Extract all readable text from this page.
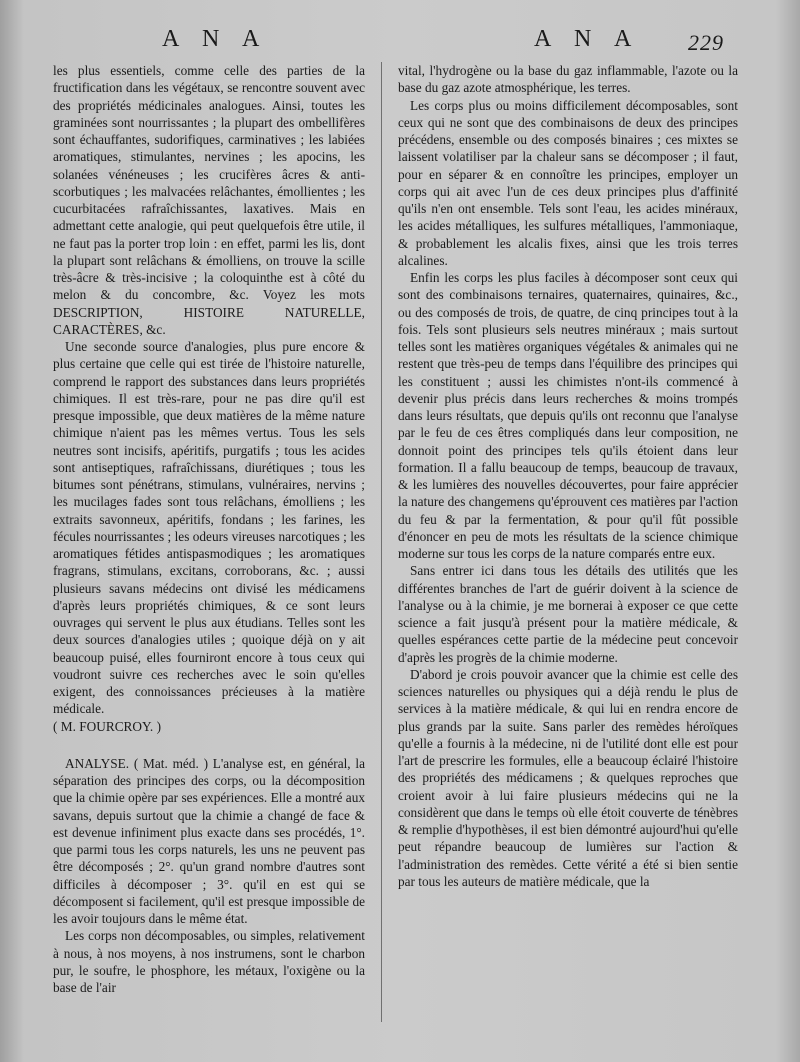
A N A	A N A 229

les plus essentiels, comme celle des parties de la fructification dans les végétaux, se rencontre souvent avec des propriétés médicinales analogues. Ainsi, toutes les graminées sont nourrissantes ; la plupart des ombellifères sont échauffantes, sudorifiques, carminatives ; les labiées aromatiques, stimulantes, nervines ; les apocins, les solanées vénéneuses ; les crucifères âcres & anti-scorbutiques ; les malvacées relâchantes, émollientes ; les cucurbitacées rafraîchissantes, laxatives. Mais en admettant cette analogie, qui peut quelquefois être utile, il ne faut pas la porter trop loin : en effet, parmi les lis, dont la plupart sont relâchans & émolliens, on trouve la scille très-âcre & très-incisive ; la coloquinthe est à côté du melon & du concombre, &c. Voyez les mots DESCRIPTION, HISTOIRE NATURELLE, CARACTÈRES, &c.

Une seconde source d'analogies, plus pure encore & plus certaine que celle qui est tirée de l'histoire naturelle, comprend le rapport des substances dans leurs propriétés chimiques. Il est très-rare, pour ne pas dire qu'il est presque impossible, que deux matières de la même nature chimique n'aient pas les mêmes vertus. Tous les sels neutres sont incisifs, apéritifs, purgatifs ; tous les acides sont antiseptiques, rafraîchissans, diurétiques ; tous les bitumes sont pénétrans, stimulans, vulnéraires, nervins ; les mucilages fades sont tous relâchans, émolliens ; les extraits savonneux, apéritifs, fondans ; les farines, les fécules nourrissantes ; les odeurs vireuses narcotiques ; les aromatiques fétides antispasmodiques ; les aromatiques fragrans, stimulans, excitans, corroborans, &c. ; aussi plusieurs savans médecins ont divisé les médicamens d'après leurs propriétés chimiques, & ce sont leurs ouvrages qui servent le plus aux étudians. Telles sont les deux sources d'analogies utiles ; quoique déjà on y ait beaucoup puisé, elles fourniront encore à tous ceux qui voudront suivre ces recherches avec le soin qu'elles exigent, des connoissances précieuses à la matière médicale.

( M. FOURCROY. )

ANALYSE. ( Mat. méd. ) L'analyse est, en général, la séparation des principes des corps, ou la décomposition que la chimie opère par ses expériences. Elle a montré aux savans, depuis surtout que la chimie a changé de face & est devenue infiniment plus exacte dans ses procédés, 1°. que parmi tous les corps naturels, les uns ne peuvent pas être décomposés ; 2°. qu'un grand nombre d'autres sont difficiles à décomposer ; 3°. qu'il en est qui se décomposent si facilement, qu'il est presque impossible de les avoir toujours dans le même état.

Les corps non décomposables, ou simples, relativement à nous, à nos moyens, à nos instrumens, sont le charbon pur, le soufre, le phosphore, les métaux, l'oxigène ou la base de l'air

vital, l'hydrogène ou la base du gaz inflammable, l'azote ou la base du gaz azote atmosphérique, les terres.

Les corps plus ou moins difficilement décomposables, sont ceux qui ne sont que des combinaisons de deux des principes précédens, ensemble ou des composés binaires ; ces mixtes se laissent volatiliser par la chaleur sans se décomposer ; il faut, pour en séparer & en connoître les principes, employer un corps qui ait avec l'un de ces deux principes plus d'affinité qu'ils n'en ont ensemble. Tels sont l'eau, les acides minéraux, les acides métalliques, les sulfures métalliques, l'ammoniaque, & probablement les alcalis fixes, ainsi que les trois terres alcalines.

Enfin les corps les plus faciles à décomposer sont ceux qui sont des combinaisons ternaires, quaternaires, quinaires, &c., ou des composés de trois, de quatre, de cinq principes tout à la fois. Tels sont plusieurs sels neutres minéraux ; mais surtout telles sont les matières organiques végétales & animales qui ne restent que très-peu de temps dans l'équilibre des principes qui les constituent ; aussi les chimistes n'ont-ils commencé à devenir plus précis dans leurs recherches & moins trompés dans leurs résultats, que depuis qu'ils ont reconnu que l'analyse par le feu de ces êtres compliqués dans leur composition, ne donnoit point des principes tels qu'ils étoient dans leur formation. Il a fallu beaucoup de temps, beaucoup de travaux, & les lumières des nouvelles découvertes, pour faire apprécier la nature des changemens qu'éprouvent ces matières par l'action du feu & par la fermentation, & pour qu'il fût possible d'énoncer en peu de mots les résultats de la science chimique moderne sur tous les corps de la nature comparés entre eux.

Sans entrer ici dans tous les détails des utilités que les différentes branches de l'art de guérir doivent à la science de l'analyse ou à la chimie, je me bornerai à exposer ce que cette science a fait jusqu'à présent pour la matière médicale, & quelles espérances cette partie de la médecine peut concevoir d'après les progrès de la chimie moderne.

D'abord je crois pouvoir avancer que la chimie est celle des sciences naturelles ou physiques qui a déjà rendu le plus de services à la matière médicale, & qui lui en rendra encore de plus grands par la suite. Sans parler des remèdes héroïques qu'elle a fournis à la médecine, ni de l'utilité dont elle est pour l'art de prescrire les formules, elle a beaucoup éclairé l'histoire des propriétés des médicamens ; & quelques reproches que croient avoir à lui faire plusieurs médecins qui ne la considèrent que dans le temps où elle étoit couverte de ténèbres & remplie d'hypothèses, il est bien démontré aujourd'hui qu'elle peut répandre beaucoup de lumières sur l'action & l'administration des remèdes. Cette vérité a été si bien sentie par tous les auteurs de matière médicale, que la
